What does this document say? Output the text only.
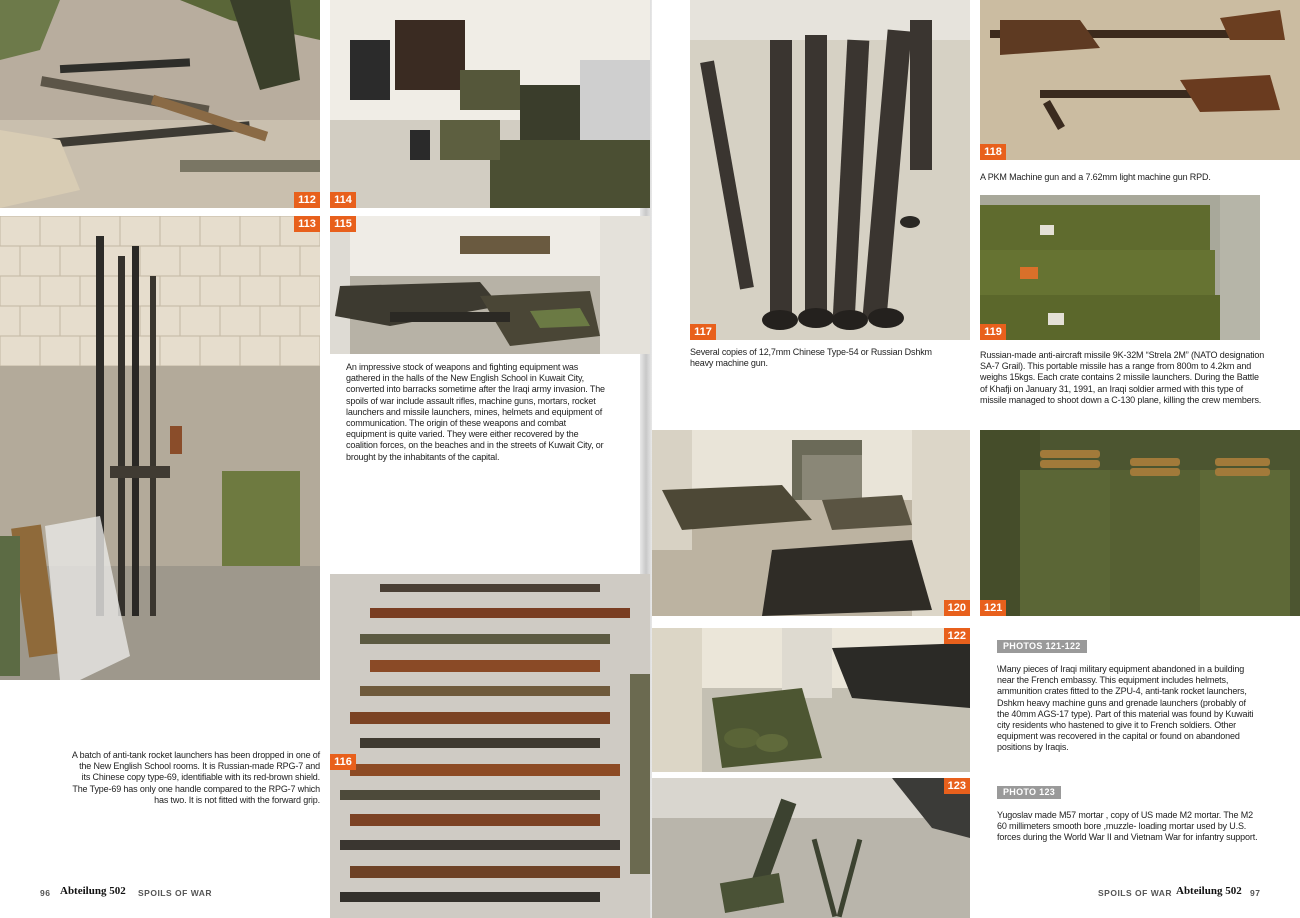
112
113
114
115
116
117
118
119
120	121
122
123
A batch of anti-tank rocket launchers has been dropped in one of the New English School rooms. It is Russian-made RPG-7 and its Chinese copy type-69, identifiable with its red-brown shield. The Type-69 has only one handle compared to the RPG-7 which has two. It is not fitted with the forward grip.
An impressive stock of weapons and fighting equipment was gathered in the halls of the New English School in Kuwait City, converted into barracks sometime after the Iraqi army invasion. The spoils of war include assault rifles, machine guns, mortars, rocket launchers and missile launchers, mines, helmets and equipment of communication. The origin of these weapons and combat equipment is quite varied. They were either recovered by the coalition forces, on the beaches and in the streets of Kuwait City, or brought by the inhabitants of the capital.
Several copies of 12,7mm Chinese Type-54 or Russian Dshkm heavy machine gun.
A PKM Machine gun and a 7.62mm light machine gun RPD.
Russian-made anti-aircraft missile 9K-32M “Strela 2M” (NATO designation SA-7 Grail). This portable missile has a range from 800m to 4.2km and weighs 15kgs. Each crate contains 2 missile launchers. During the Battle of Khafji on January 31, 1991, an Iraqi soldier armed with this type of missile managed to shoot down a C-130 plane, killing the crew members.
PHOTOS 121-122
\Many pieces of Iraqi military equipment abandoned in a building near the French embassy. This equipment includes helmets, ammunition crates fitted to the ZPU-4, anti-tank rocket launchers, Dshkm heavy machine guns and grenade launchers (probably of the 40mm AGS-17 type). Part of this material was found by Kuwaiti city residents who hastened to give it to French soldiers. Other equipment was recovered in the capital or found on abandoned positions by Iraqis.
PHOTO 123
Yugoslav made M57 mortar , copy of US made M2 mortar. The M2 60 millimeters smooth bore ,muzzle- loading mortar used by U.S. forces during the World War II and Vietnam War for infantry support.
96 Abteilung 502 SPOILS OF WAR	SPOILS OF WAR Abteilung 502 97
